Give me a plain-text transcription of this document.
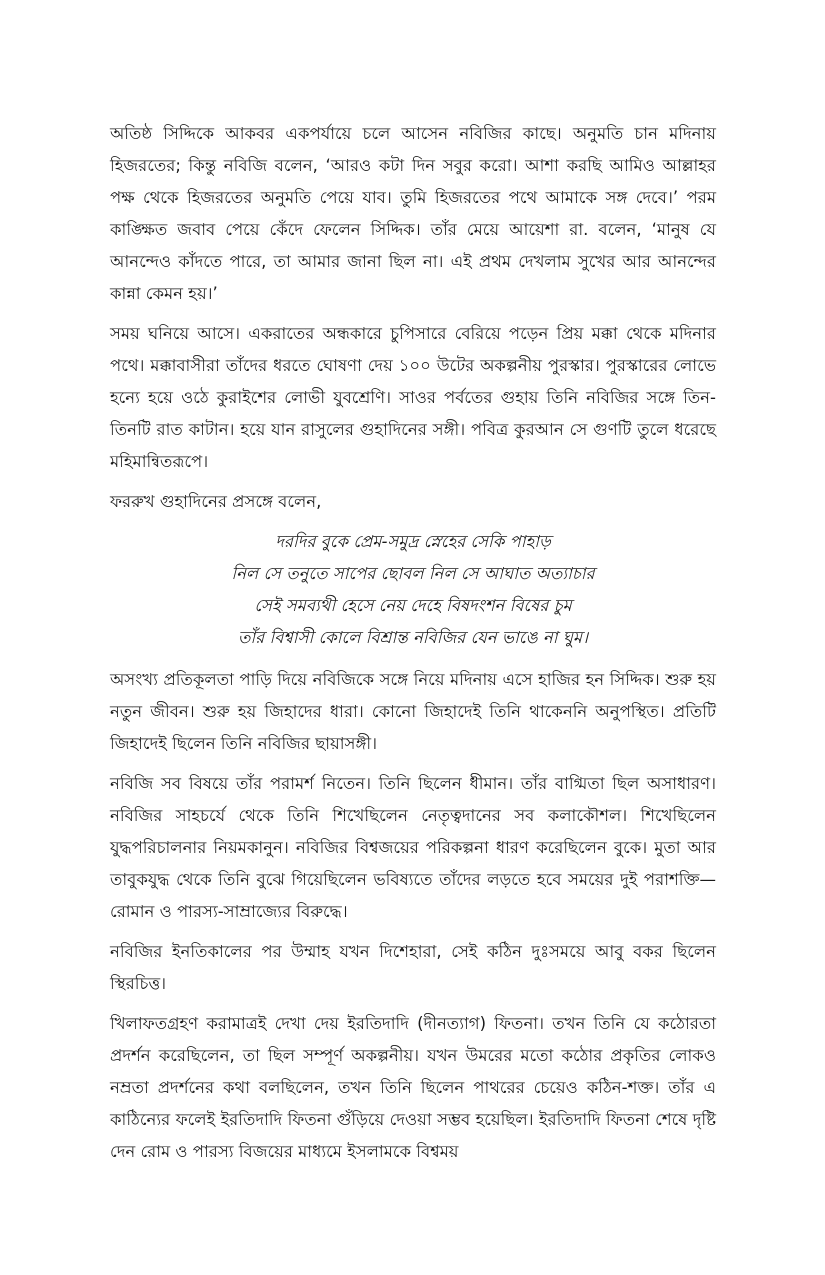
অতিষ্ঠ সিদ্দিকে আকবর একপর্যায়ে চলে আসেন নবিজির কাছে। অনুমতি চান মদিনায় হিজরতের; কিন্তু নবিজি বলেন, ‘আরও কটা দিন সবুর করো। আশা করছি আমিও আল্লাহর পক্ষ থেকে হিজরতের অনুমতি পেয়ে যাব। তুমি হিজরতের পথে আমাকে সঙ্গ দেবে।’ পরম কাঙ্ক্ষিত জবাব পেয়ে কেঁদে ফেলেন সিদ্দিক। তাঁর মেয়ে আয়েশা রা. বলেন, ‘মানুষ যে আনন্দেও কাঁদতে পারে, তা আমার জানা ছিল না। এই প্রথম দেখলাম সুখের আর আনন্দের কান্না কেমন হয়।’

সময় ঘনিয়ে আসে। একরাতের অন্ধকারে চুপিসারে বেরিয়ে পড়েন প্রিয় মক্কা থেকে মদিনার পথে। মক্কাবাসীরা তাঁদের ধরতে ঘোষণা দেয় ১০০ উটের অকল্পনীয় পুরস্কার। পুরস্কারের লোভে হন্যে হয়ে ওঠে কুরাইশের লোভী যুবশ্রেণি। সাওর পর্বতের গুহায় তিনি নবিজির সঙ্গে তিন-তিনটি রাত কাটান। হয়ে যান রাসুলের গুহাদিনের সঙ্গী। পবিত্র কুরআন সে গুণটি তুলে ধরেছে মহিমান্বিতরূপে।

ফররুখ গুহাদিনের প্রসঙ্গে বলেন,

দরদির বুকে প্রেম-সমুদ্র স্নেহের সেকি পাহাড়
নিল সে তনুতে সাপের ছোবল নিল সে আঘাত অত্যাচার
সেই সমব্যথী হেসে নেয় দেহে বিষদংশন বিষের চুম
তাঁর বিশ্বাসী কোলে বিশ্রান্ত নবিজির যেন ভাঙে না ঘুম।

অসংখ্য প্রতিকূলতা পাড়ি দিয়ে নবিজিকে সঙ্গে নিয়ে মদিনায় এসে হাজির হন সিদ্দিক। শুরু হয় নতুন জীবন। শুরু হয় জিহাদের ধারা। কোনো জিহাদেই তিনি থাকেননি অনুপস্থিত। প্রতিটি জিহাদেই ছিলেন তিনি নবিজির ছায়াসঙ্গী।

নবিজি সব বিষয়ে তাঁর পরামর্শ নিতেন। তিনি ছিলেন ধীমান। তাঁর বাগ্মিতা ছিল অসাধারণ। নবিজির সাহচর্যে থেকে তিনি শিখেছিলেন নেতৃত্বদানের সব কলাকৌশল। শিখেছিলেন যুদ্ধপরিচালনার নিয়মকানুন। নবিজির বিশ্বজয়ের পরিকল্পনা ধারণ করেছিলেন বুকে। মুতা আর তাবুকযুদ্ধ থেকে তিনি বুঝে গিয়েছিলেন ভবিষ্যতে তাঁদের লড়তে হবে সময়ের দুই পরাশক্তি—রোমান ও পারস্য-সাম্রাজ্যের বিরুদ্ধে।

নবিজির ইনতিকালের পর উম্মাহ যখন দিশেহারা, সেই কঠিন দুঃসময়ে আবু বকর ছিলেন স্থিরচিত্ত।

খিলাফতগ্রহণ করামাত্রই দেখা দেয় ইরতিদাদি (দীনত্যাগ) ফিতনা। তখন তিনি যে কঠোরতা প্রদর্শন করেছিলেন, তা ছিল সম্পূর্ণ অকল্পনীয়। যখন উমরের মতো কঠোর প্রকৃতির লোকও নম্রতা প্রদর্শনের কথা বলছিলেন, তখন তিনি ছিলেন পাথরের চেয়েও কঠিন-শক্ত। তাঁর এ কাঠিন্যের ফলেই ইরতিদাদি ফিতনা গুঁড়িয়ে দেওয়া সম্ভব হয়েছিল। ইরতিদাদি ফিতনা শেষে দৃষ্টি দেন রোম ও পারস্য বিজয়ের মাধ্যমে ইসলামকে বিশ্বময়
